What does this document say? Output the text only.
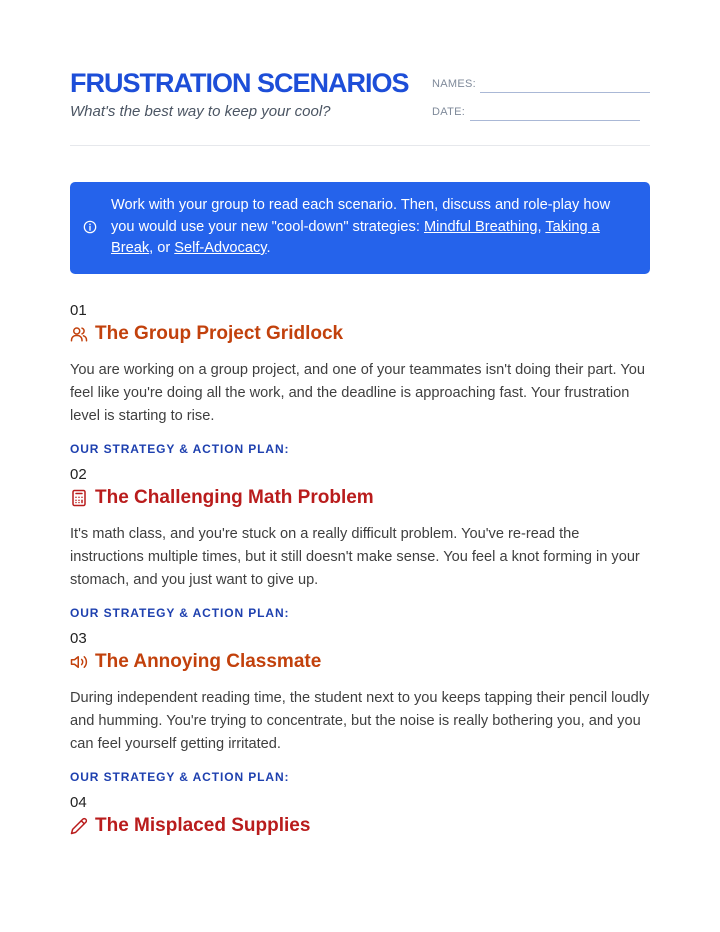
FRUSTRATION SCENARIOS
What's the best way to keep your cool?
NAMES:
DATE:
Work with your group to read each scenario. Then, discuss and role-play how you would use your new "cool-down" strategies: Mindful Breathing, Taking a Break, or Self-Advocacy.
01
The Group Project Gridlock
You are working on a group project, and one of your teammates isn't doing their part. You feel like you're doing all the work, and the deadline is approaching fast. Your frustration level is starting to rise.
OUR STRATEGY & ACTION PLAN:
02
The Challenging Math Problem
It's math class, and you're stuck on a really difficult problem. You've re-read the instructions multiple times, but it still doesn't make sense. You feel a knot forming in your stomach, and you just want to give up.
OUR STRATEGY & ACTION PLAN:
03
The Annoying Classmate
During independent reading time, the student next to you keeps tapping their pencil loudly and humming. You're trying to concentrate, but the noise is really bothering you, and you can feel yourself getting irritated.
OUR STRATEGY & ACTION PLAN:
04
The Misplaced Supplies
